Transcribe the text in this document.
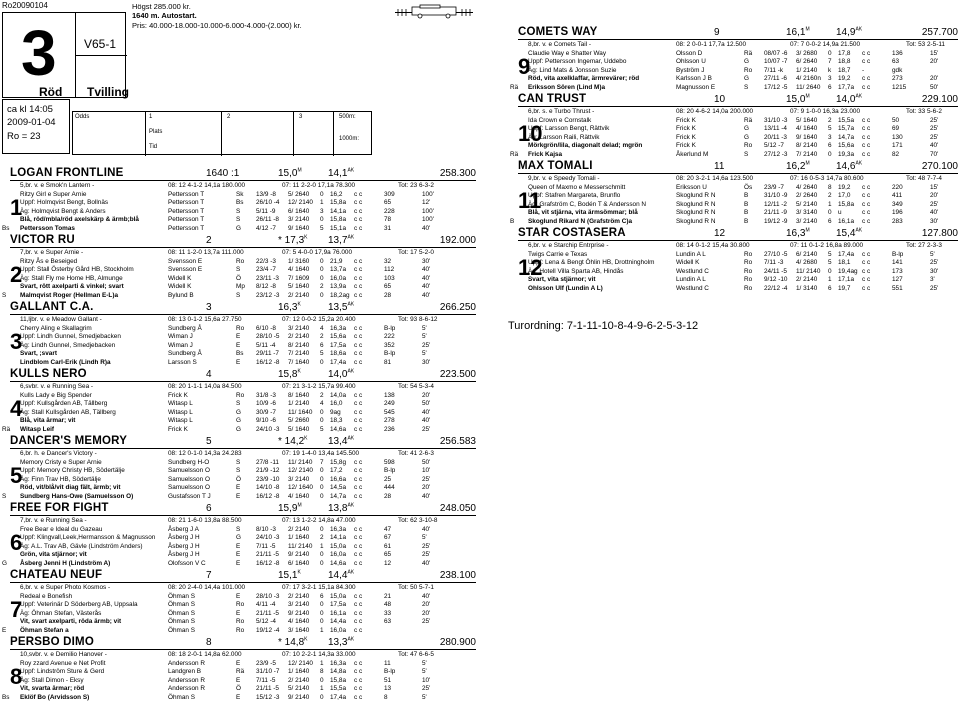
Ro20090104
3
Röd
V65-1
Tvilling
Högst 285.000 kr.
1640 m. Autostart.
Pris: 40.000-18.000-10.000-6.000-4.000-(2.000) kr.
ca kl 14:05
2009-01-04
Ro = 23
Odds	1	2	3	500m:
Plats
1000m:
Tid
LOGAN FRONTLINE	1640 :1	$15,0^M$	$14,1^{AK}$	258.300
1
5,br. v. e Smok'n Lantern -	08: 12 4-1-2 14,1a 180.000	07: 11 2-2-0 17,1a 78.300	Tot: 23 6-3-2
Ritzy Girl e Super Arnie	Pettersson T	Sk 13/9 -8 5/ 2640 0 16,2 c c	309	100'
Uppf: Holmqvist Bengt, Bollnäs	Pettersson T	Bs 26/10 -4 12/ 2140 1 15,8a c c	65	12'
Äg: Holmqvist Bengt & Anders	Pettersson T	S 5/11 -9 6/ 1640 3 14,1a c c	228	100'
Blå, röd/mbla/röd axelskärp & ärmb;blå	Pettersson T	S 26/11 -8 3/ 2140 0 15,8a c c	78	100'
Pettersson Tomas	Pettersson T	G 4/12 -7 9/ 1640 5 15,1a c c	31	40'
Bs
VICTOR RU	2	* $17,3^K$ $13,7^{AK}$	192.000
2
7,br. v. e Super Arnie -	08: 11 1-2-0 13,7a 111.000	07: 5 4-0-0 17,9a 76.000	Tot: 17 5-2-0
Ritzy Ås e Beseiged	Svensson E	Ro 22/3 -3 1/ 3160 0 21,9 c c	32	30'
Uppf: Stall Österby Gård HB, Stockholm	Svensson E	S 23/4 -7 4/ 1640 0 13,7a c c	112	40'
Äg: Stall Fly me Home HB, Almunge	Widell K	Ö 23/11 -3 7/ 1609 0 16,0a c c	103	40'
Svart, rött axelparti & vinkel; svart	Widell K	Mp 8/12 -8 5/ 1640 2 13,9a c c	65	40'
Malmqvist Roger (Hellman E-L)a	Bylund B	S 23/12 -3 2/ 2140 0 18,2ag c c	28	40'
S
GALLANT C.A.	3	$16,3^K$	$13,5^{AK}$	266.250
3
11,ljbr. v. e Meadow Gallant -	08: 13 0-1-2 15,6a 27.750	07: 12 0-0-2 15,2a 20.400	Tot: 93 8-6-12
Cherry Aling e Skallagrim	Sundberg Å	Ro 6/10 -8 3/ 2140 4 16,3a c c	B-lp	5'
Uppf: Lindh Gunnel, Smedjebacken	Wiman J	E 28/10 -5 2/ 2140 2 15,6a c c	222	5'
Äg: Lindh Gunnel, Smedjebacken	Wiman J	E 5/11 -4 8/ 2140 6 17,5a c c	352	25'
Svart, ;svart	Sundberg Å	Bs 29/11 -7 7/ 2140 5 18,6a c c	B-lp	5'
Lindblom Carl-Erik (Lindh R)a	Larsson S	E 16/12 -8 7/ 1640 0 17,4a c c	81	30'
KULLS NERO	4	$15,8^K$	$14,0^{AK}$	223.500
4
6,svbr. v. e Running Sea -	08: 20 1-1-1 14,0a 84.500	07: 21 3-1-2 15,7a 99.400	Tot: 54 5-3-4
Kulls Lady e Big Spender	Frick K	Ro 31/8 -3 8/ 1640 2 14,0a c c	138	20'
Uppf: Kullsgården AB, Tällberg	Witasp L	S 10/9 -6 1/ 2140 4 16,0 c c	249	50'
Äg: Stall Kullsgården AB, Tällberg	Witasp L	G 30/9 -7 11/ 1640 0 9ag c c	545	40'
Blå, vita ärmar; vit	Witasp L	G 9/10 -6 5/ 2660 0 18,3 c c	278	40'
Witasp Leif	Frick K	G 24/10 -3 5/ 1640 5 14,6a c c	236	25'
Rä
DANCER'S MEMORY	5	* $14,2^K$ $13,4^{AK}$	256.583
5
6,br. h. e Dancer's Victory -	08: 12 0-1-0 14,3a 24.283	07: 19 1-4-0 13,4a 145.500	Tot: 41 2-6-3
Memory Cristy e Super Arnie	Sundberg H-O	S 27/8 -11 11/ 2140 7 15,8g c c	598	50'
Uppf: Memory Christy HB, Södertälje	Samuelsson O	S 21/9 -12 12/ 2140 0 17,2 c c	B-lp	10'
Äg: Finn Trav HB, Södertälje	Samuelsson O	Ö 23/9 -10 3/ 2140 0 16,6a c c	25	25'
Röd, vit/blå/vit diag fält, ärmb; vit	Samuelsson O	E 14/10 -8 12/ 1640 0 14,5a c c	444	20'
Sundberg Hans-Owe (Samuelsson O)	Gustafsson T J	E 16/12 -8 4/ 1640 0 14,7a c c	28	40'
S
FREE FOR FIGHT	6	$15,9^M$	$13,8^{AK}$	248.050
6
7,br. v. e Running Sea -	08: 21 1-6-0 13,8a 88.500	07: 13 1-2-2 14,8a 47.000	Tot: 62 3-10-8
Free Bear e Ideal du Gazeau	Åsberg J A	S 8/10 -3 2/ 2140 0 16,3a c c	47	40'
Uppf: Klingvall,Leek,Hermansson & Magnusson Åsberg J H	G 24/10 -3 1/ 1640 2 14,1a c c	67	5'
Äg: A.L. Trav AB, Gävle (Lindström Anders)	Åsberg J H	E 7/11 -5 11/ 2140 1 15,0a c c	61	25'
Grön, vita stjärnor; vit	Åsberg J H	E 21/11 -5 9/ 2140 0 16,0a c c	65	25'
Åsberg Jenni H (Lindström A)	Olofsson V C	E 16/12 -8 6/ 1640 0 14,6a c c	12	40'
G
CHATEAU NEUF	7	$15,1^K$	$14,4^{AK}$	238.100
7
6,br. v. e Super Photo Kosmos -	08: 20 2-4-0 14,4a 101.000	07: 17 3-2-1 15,1a 84.300	Tot: 50 5-7-1
Redeal e Bonefish	Öhman S	E 28/10 -3 2/ 2140 6 15,0a c c	21	40'
Uppf: Veterinär D Söderberg AB, Uppsala	Öhman S	Ro 4/11 -4 3/ 2140 0 17,5a c c	48	20'
Äg: Öhman Stefan, Västerås	Öhman S	E 21/11 -5 9/ 2140 0 16,1a c c	33	20'
Vit, svart axelparti, röda ärmb; vit	Öhman S	Ro 5/12 -4 4/ 1640 0 14,4a c c	63	25'
Öhman Stefan a	Öhman S	Ro 19/12 -4 3/ 1640 1 16,0a c c
E
PERSBO DIMO	8	* $14,8^K$ $13,3^{AK}$	280.900
8
10,svbr. v. e Demilio Hanover -	08: 18 2-0-1 14,8a 62.000	07: 10 2-2-1 14,3a 33.000	Tot: 47 6-6-5
Roy zzard Avenue e Net Profit	Andersson R	E 23/9 -5 12/ 2140 1 16,3a c c	11	5'
Uppf: Lindström Sture & Gerd	Landgren B	Rä 31/10 -7 1/ 1640 8 14,8a c c	B-lp	5'
Äg: Stall Dimon - Eksy	Andersson R	E 7/11 -5 2/ 2140 0 15,8a c c	51	10'
Vit, svarta ärmar; röd	Andersson R	Ö 21/11 -5 5/ 2140 1 15,5a c c	13	25'
Eklöf Bo (Arvidsson S)	Öhman S	E 15/12 -3 9/ 2140 0 17,4a c c	8	5'
Bs
COMETS WAY	9	$16,1^M$	$14,9^{AK}$	257.700
9
8,br. v. e Comets Tail -	08: 2 0-0-1 17,7a 12.500	07: 7 0-0-2 14,9a 21.500	Tot: 53 2-5-11
Claudie Way e Shatter Way	Olsson D	Rä 08/07 -6 3/ 2680 0 17,8 c c	136	15'
Uppf: Pettersson Ingemar, Uddebo	Ohlsson U	G 10/07 -7 6/ 2640 7 18,8 c c	63	20'
Äg: Lind Mats & Jonsson Suzie	Byström J	Ro 7/11 -k 1/ 2140 k 18,7 -	gdk
Röd, vita axelklaffar, ärmrevärer; röd	Karlsson J B	G 27/11 -6 4/ 2160n 3 19,2 c c	273	20'
Eriksson Sören (Lind M)a	Magnusson E	S 17/12 -5 11/ 2640 6 17,7a c c	1215	50'
Rä
CAN TRUST	10	$15,0^M$	$14,0^{AK}$	229.100
10
6,br. s. e Turbo Thrust -	08: 20 4-6-2 14,0a 200.000	07: 9 1-0-0 16,3a 23.000	Tot: 33 5-6-2
Ida Crown e Cornstalk	Frick K	Rä 31/10 -3 5/ 1640 2 15,5a c c	50	25'
Uppf: Larsson Bengt, Rättvik	Frick K	G 13/11 -4 4/ 1640 5 15,7a c c	69	25'
Äg: Larsson Raili, Rättvik	Frick K	G 20/11 -3 9/ 1640 3 14,7a c c	130	25'
Mörkgrön/lila, diagonalt delad; mgrön	Frick K	Ro 5/12 -7 8/ 2140 6 15,6a c c	171	40'
Frick Kajsa	Åkerlund M	S 27/12 -3 7/ 2140 0 19,3a c c	82	70'
Rä
MAX TOMALI	11	$16,2^M$	$14,6^{AK}$	270.100
11
9,br. v. e Speedy Tomali -	08: 20 3-2-1 14,6a 123.500	07: 16 0-5-3 14,7a 80.600	Tot: 48 7-7-4
Queen of Maxmo e Messerschmitt	Eriksson U	Ös 23/9 -7 4/ 2640 8 19,2 c c	220	15'
Uppf: Stafren Margareta, Brunflo	Skoglund R N	B 31/10 -9 2/ 2640 2 17,0 c c	411	20'
Äg: Grafström C, Bodén T & Andersson N	Skoglund R N	B 12/11 -2 5/ 2140 1 15,8a c c	349	25'
Blå, vit stjärna, vita ärmsömmar; blå	Skoglund R N	B 21/11 -9 3/ 3140 0 u	c c	196	40'
Skoglund Rikard N (Grafström C)a	Skoglund R N	B 19/12 -9 3/ 2140 6 16,1a c c	283	30'
B
STAR COSTASERA	12	$16,3^M$	$15,4^{AK}$	127.800
12
6,br. v. e Starchip Entrprise -	08: 14 0-1-2 15,4a 30.800	07: 11 0-1-2 16,8a 89.000	Tot: 27 2-3-3
Twigs Carrie e Texas	Lundin A L	Ro 27/10 -5 6/ 2140 5 17,4a c c	B-lp	5'
Uppf: Lena & Bengt Öhlin HB, Drottningholm	Widell K	Ro 7/11 -3 4/ 2680 5 18,1 c c	141	25'
Äg: Hotell Villa Sparta AB, Hindås	Westlund C	Ro 24/11 -5 11/ 2140 0 19,4ag c c	173	30'
Svart, vita stjärnor; vit	Lundin A L	Ro 9/12 -10 2/ 2140 1 17,1a c c	127	3'
Ohlsson Ulf (Lundin A L)	Westlund C	Ro 22/12 -4 1/ 3140 6 19,7 c c	551	25'
Turordning: 7-1-11-10-8-4-9-6-2-5-3-12
